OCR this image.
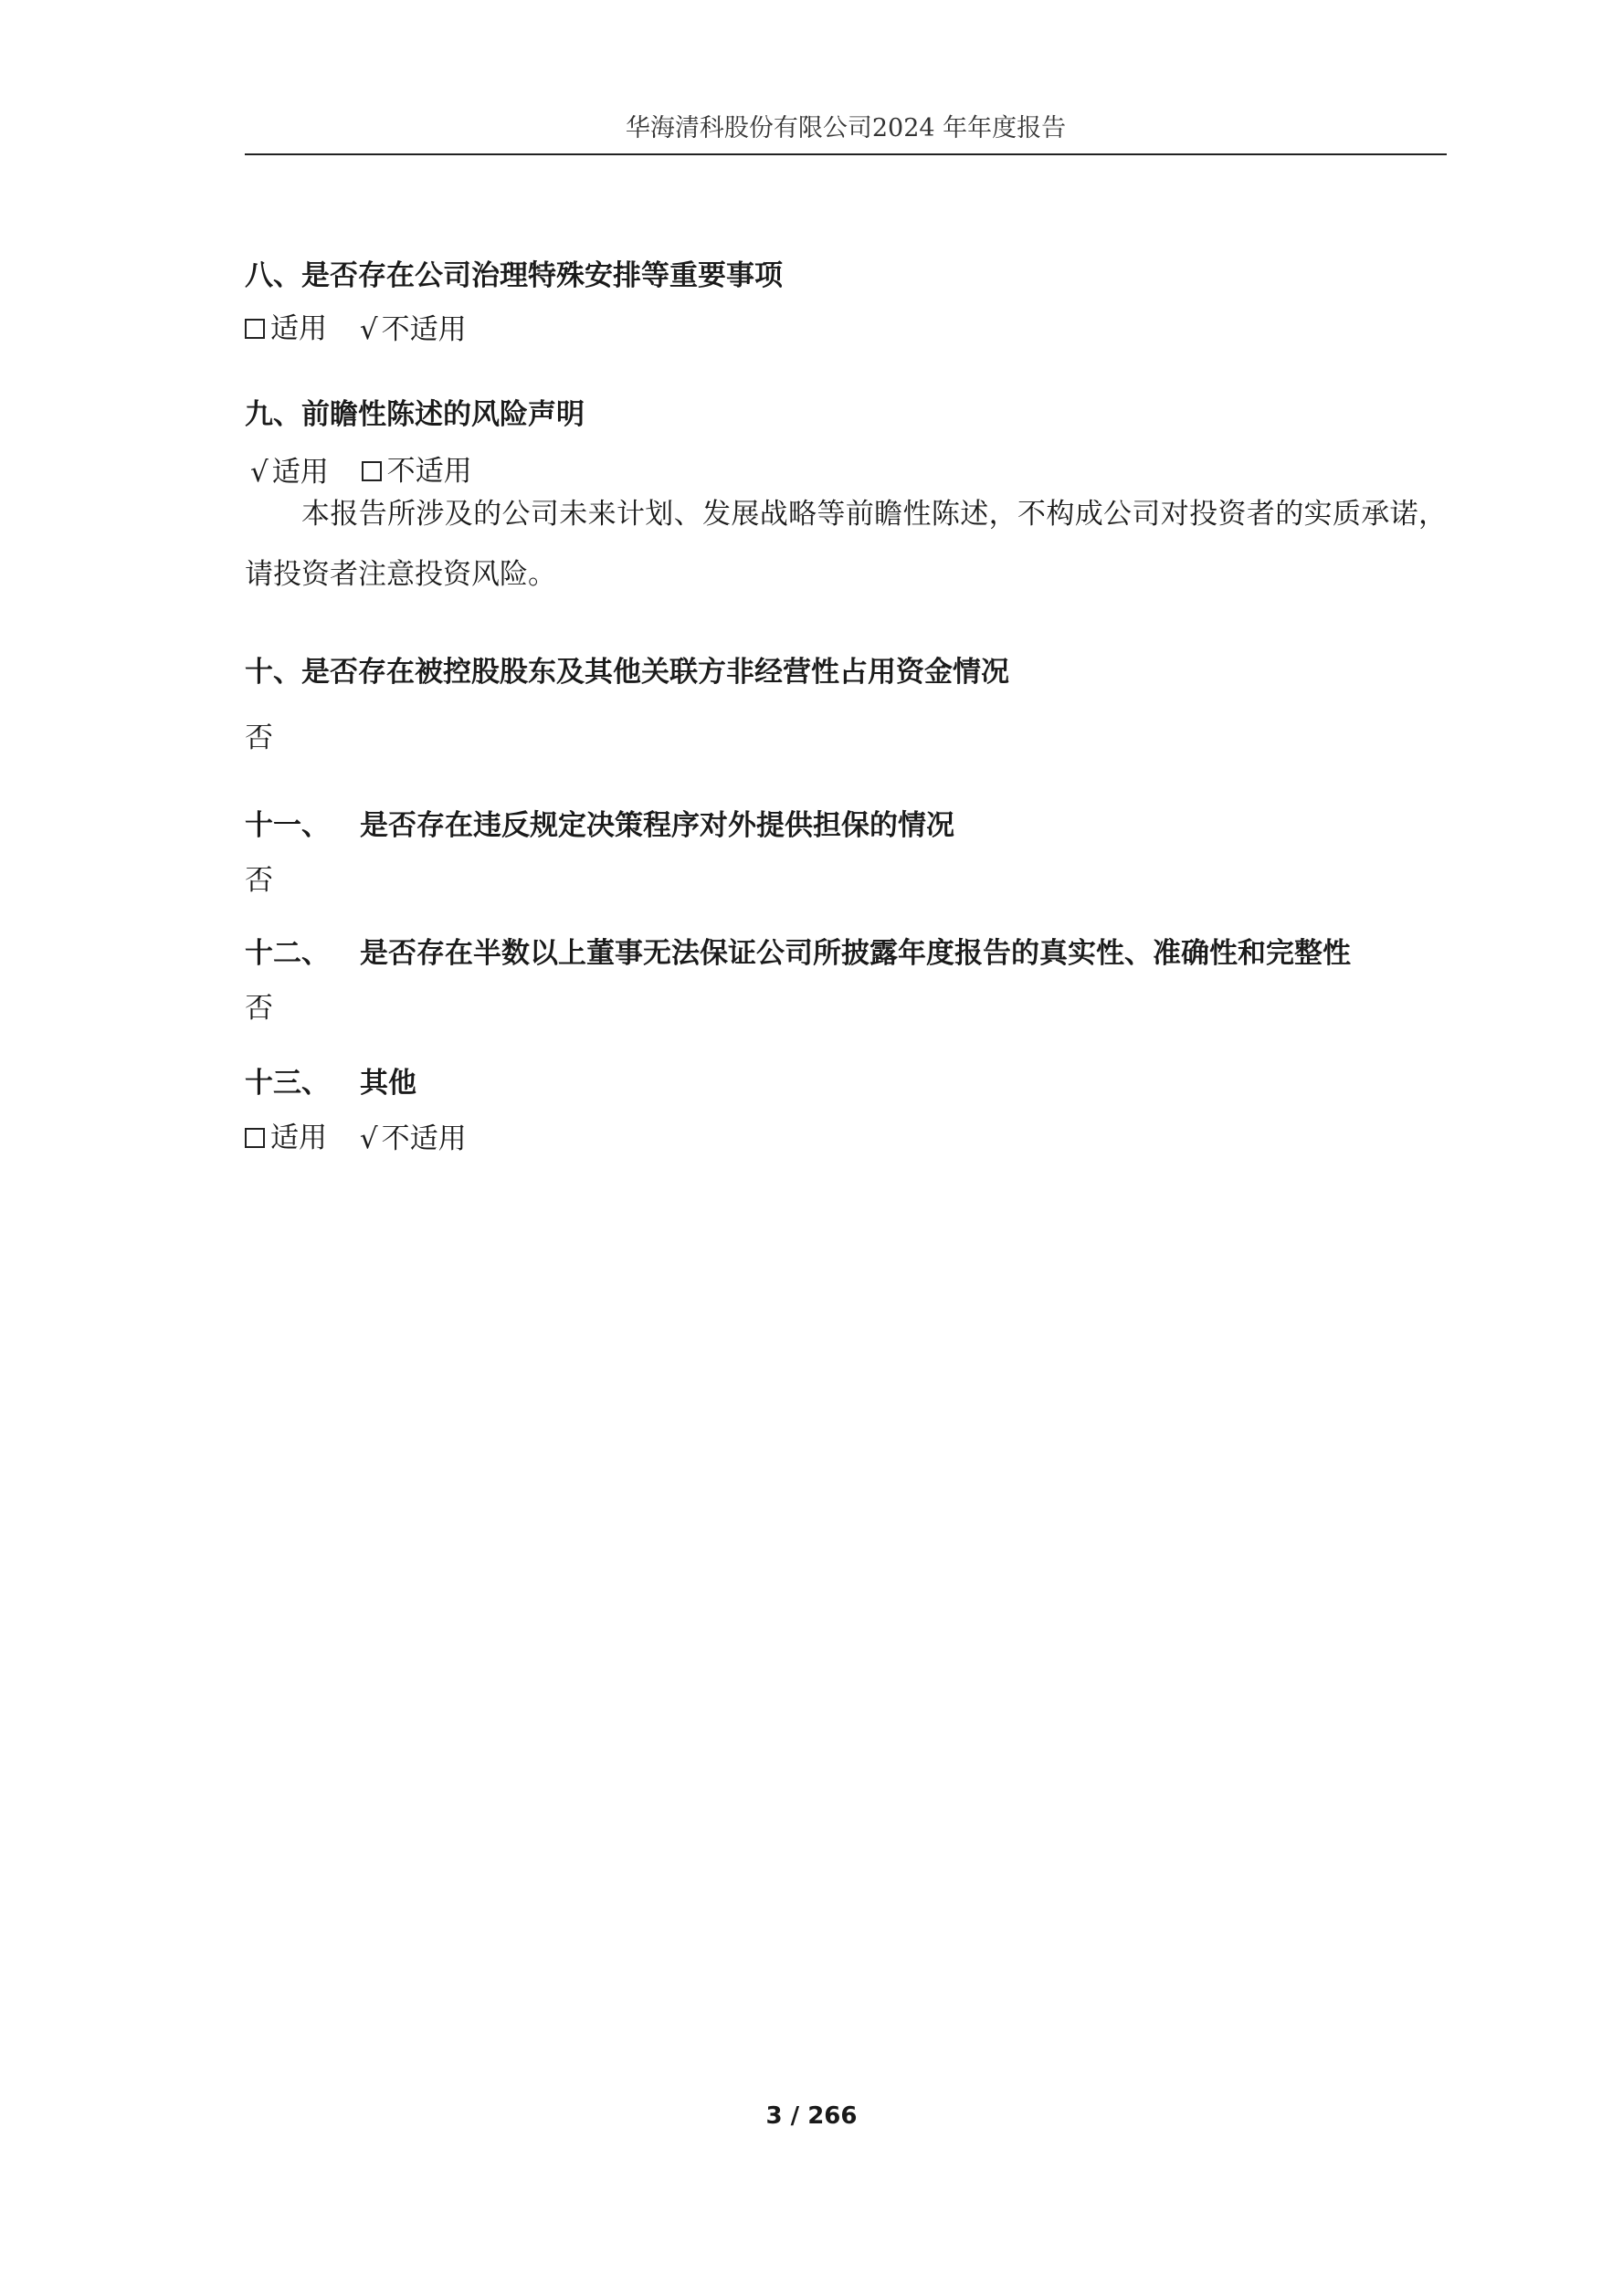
华海清科股份有限公司2024 年年度报告
八、是否存在公司治理特殊安排等重要事项
适用
√ 不适用
九、前瞻性陈述的风险声明
√ 适用
不适用
本报告所涉及的公司未来计划、发展战略等前瞻性陈述，不构成公司对投资者的实质承诺，请投资者注意投资风险。
十、是否存在被控股股东及其他关联方非经营性占用资金情况
否
十一、 是否存在违反规定决策程序对外提供担保的情况
否
十二、 是否存在半数以上董事无法保证公司所披露年度报告的真实性、准确性和完整性
否
十三、 其他
适用
√ 不适用
3 / 266
